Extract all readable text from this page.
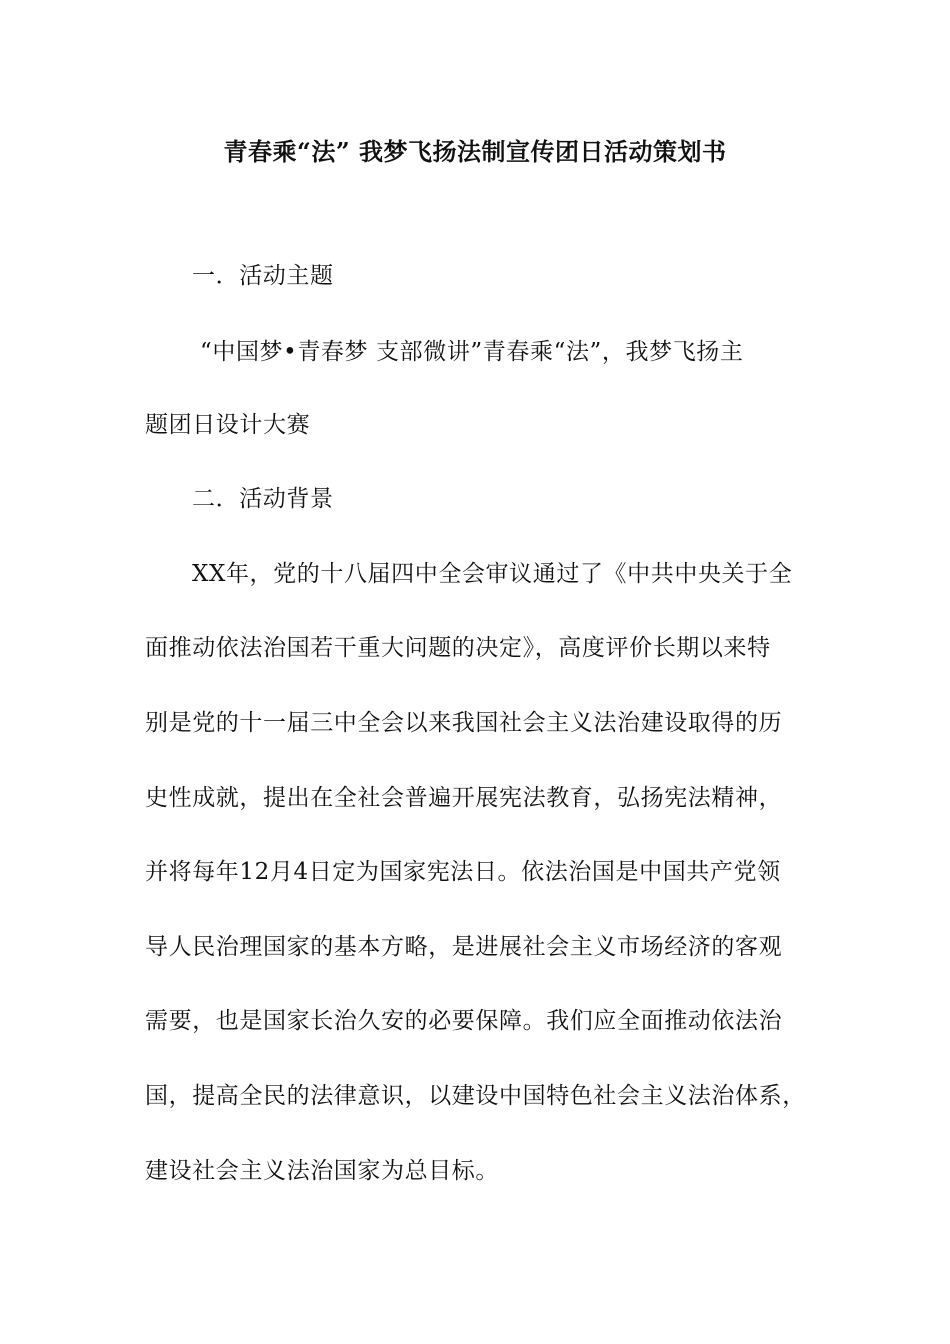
青春乘“法” 我梦飞扬法制宣传团日活动策划书
一．活动主题
“中国梦•青春梦 支部微讲”青春乘“法”，我梦飞扬主
题团日设计大赛
二．活动背景
XX年，党的十八届四中全会审议通过了《中共中央关于全
面推动依法治国若干重大问题的决定》，高度评价长期以来特
别是党的十一届三中全会以来我国社会主义法治建设取得的历
史性成就，提出在全社会普遍开展宪法教育，弘扬宪法精神，
并将每年12月4日定为国家宪法日。依法治国是中国共产党领
导人民治理国家的基本方略，是进展社会主义市场经济的客观
需要，也是国家长治久安的必要保障。我们应全面推动依法治
国，提高全民的法律意识，以建设中国特色社会主义法治体系，
建设社会主义法治国家为总目标。
